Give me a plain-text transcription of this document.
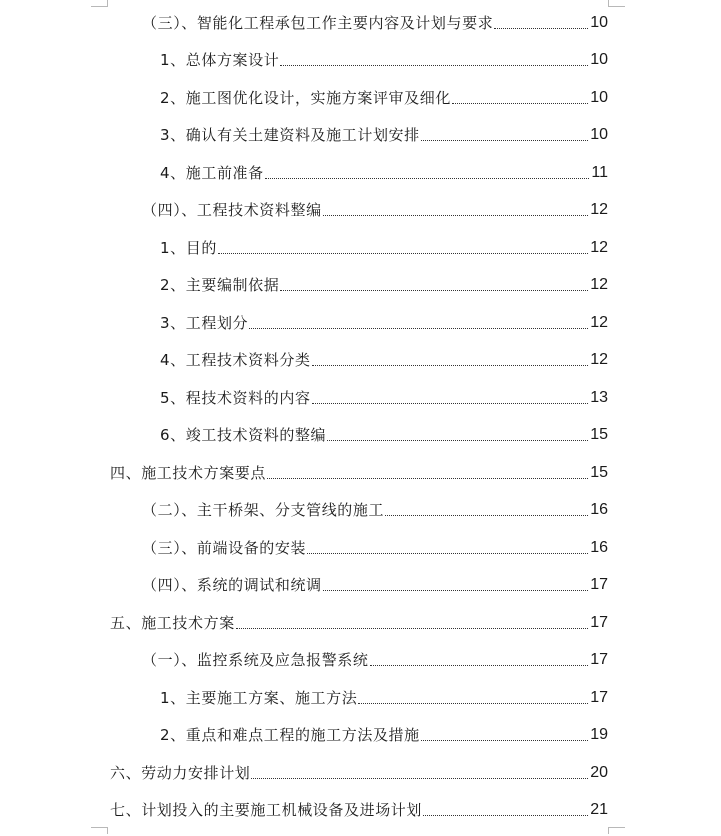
（三）、智能化工程承包工作主要内容及计划与要求	10
1、总体方案设计	10
2、施工图优化设计，实施方案评审及细化	10
3、确认有关土建资料及施工计划安排	10
4、施工前准备	11
（四）、工程技术资料整编	12
1、目的	12
2、主要编制依据	12
3、工程划分	12
4、工程技术资料分类	12
5、程技术资料的内容	13
6、竣工技术资料的整编	15
四、施工技术方案要点	15
（二）、主干桥架、分支管线的施工	16
（三）、前端设备的安装	16
（四）、系统的调试和统调	17
五、施工技术方案	17
（一）、监控系统及应急报警系统	17
1、主要施工方案、施工方法	17
2、重点和难点工程的施工方法及措施	19
六、劳动力安排计划	20
七、计划投入的主要施工机械设备及进场计划	21
